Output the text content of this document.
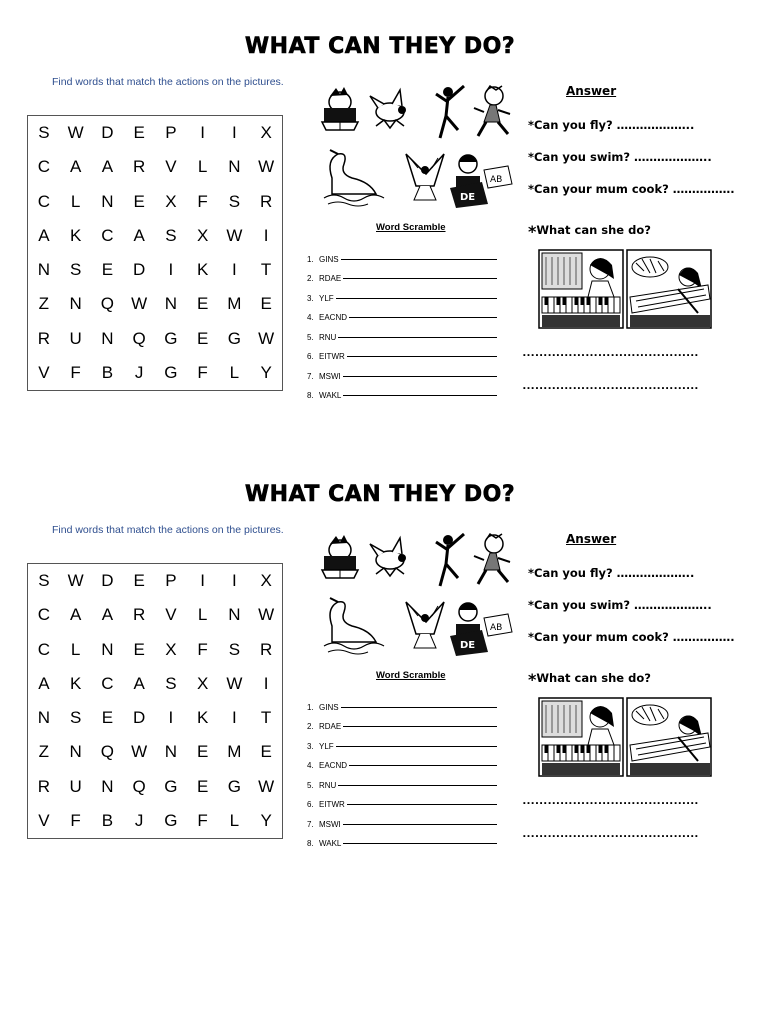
WHAT CAN THEY DO?
Find words that match the actions on the pictures.
S	W	D	E	P	I	I	X
C	A	A	R	V	L	N	W
C	L	N	E	X	F	S	R
A	K	C	A	S	X	W	I
N	S	E	D	I	K	I	T
Z	N	Q	W	N	E	M	E
R	U	N	Q	G	E	G	W
V	F	B	J	G	F	L	Y
DE
AB
Word Scramble
1. GINS
2. RDAE
3. YLF
4. EACND
5. RNU
6. EITWR
7. MSWI
8. WAKL
Answer
*Can you fly? ………………..
*Can you swim? ………………..
*Can your mum cook? …………….
*What can she do?
……………………………………
……………………………………
WHAT CAN THEY DO?
Find words that match the actions on the pictures.
S	W	D	E	P	I	I	X
C	A	A	R	V	L	N	W
C	L	N	E	X	F	S	R
A	K	C	A	S	X	W	I
N	S	E	D	I	K	I	T
Z	N	Q	W	N	E	M	E
R	U	N	Q	G	E	G	W
V	F	B	J	G	F	L	Y
DE
AB
Word Scramble
1. GINS
2. RDAE
3. YLF
4. EACND
5. RNU
6. EITWR
7. MSWI
8. WAKL
Answer
*Can you fly? ………………..
*Can you swim? ………………..
*Can your mum cook? …………….
*What can she do?
……………………………………
……………………………………
